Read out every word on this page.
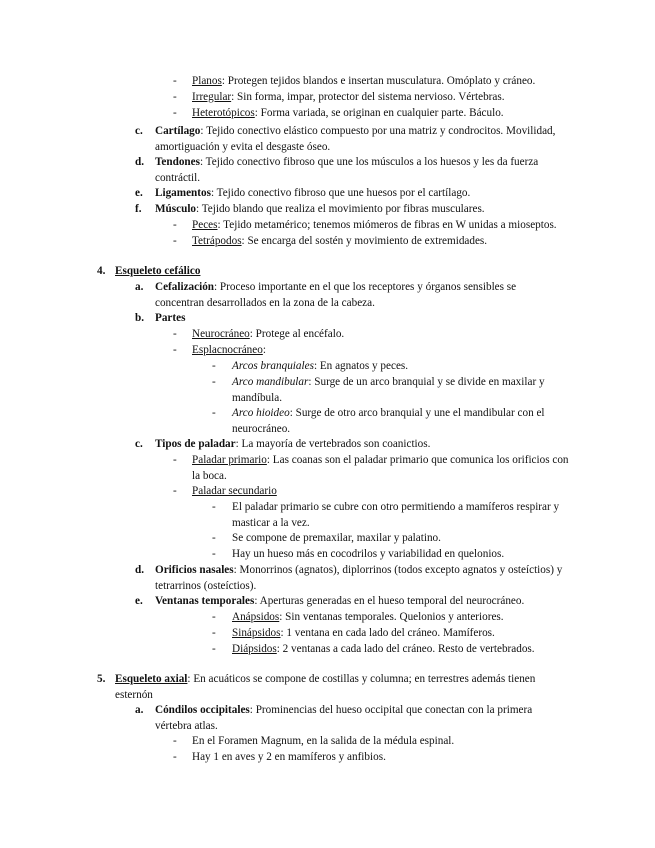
- Planos: Protegen tejidos blandos e insertan musculatura. Omóplato y cráneo.
- Irregular: Sin forma, impar, protector del sistema nervioso. Vértebras.
- Heterotópicos: Forma variada, se originan en cualquier parte. Báculo.
c. Cartílago: Tejido conectivo elástico compuesto por una matriz y condrocitos. Movilidad, amortiguación y evita el desgaste óseo.
d. Tendones: Tejido conectivo fibroso que une los músculos a los huesos y les da fuerza contráctil.
e. Ligamentos: Tejido conectivo fibroso que une huesos por el cartílago.
f. Músculo: Tejido blando que realiza el movimiento por fibras musculares.
- Peces: Tejido metamérico; tenemos miómeros de fibras en W unidas a mioseptos.
- Tetrápodos: Se encarga del sostén y movimiento de extremidades.
4. Esqueleto cefálico
a. Cefalización: Proceso importante en el que los receptores y órganos sensibles se concentran desarrollados en la zona de la cabeza.
b. Partes
- Neurocráneo: Protege al encéfalo.
- Esplacnocráneo:
- Arcos branquiales: En agnatos y peces.
- Arco mandibular: Surge de un arco branquial y se divide en maxilar y mandíbula.
- Arco hioideo: Surge de otro arco branquial y une el mandibular con el neurocráneo.
c. Tipos de paladar: La mayoría de vertebrados son coanictios.
- Paladar primario: Las coanas son el paladar primario que comunica los orificios con la boca.
- Paladar secundario
- El paladar primario se cubre con otro permitiendo a mamíferos respirar y masticar a la vez.
- Se compone de premaxilar, maxilar y palatino.
- Hay un hueso más en cocodrilos y variabilidad en quelonios.
d. Orificios nasales: Monorrinos (agnatos), diplorrinos (todos excepto agnatos y osteíctios) y tetrarrinos (osteíctios).
e. Ventanas temporales: Aperturas generadas en el hueso temporal del neurocráneo.
- Anápsidos: Sin ventanas temporales. Quelonios y anteriores.
- Sinápsidos: 1 ventana en cada lado del cráneo. Mamíferos.
- Diápsidos: 2 ventanas a cada lado del cráneo. Resto de vertebrados.
5. Esqueleto axial: En acuáticos se compone de costillas y columna; en terrestres además tienen esternón
a. Cóndilos occipitales: Prominencias del hueso occipital que conectan con la primera vértebra atlas.
- En el Foramen Magnum, en la salida de la médula espinal.
- Hay 1 en aves y 2 en mamíferos y anfibios.
